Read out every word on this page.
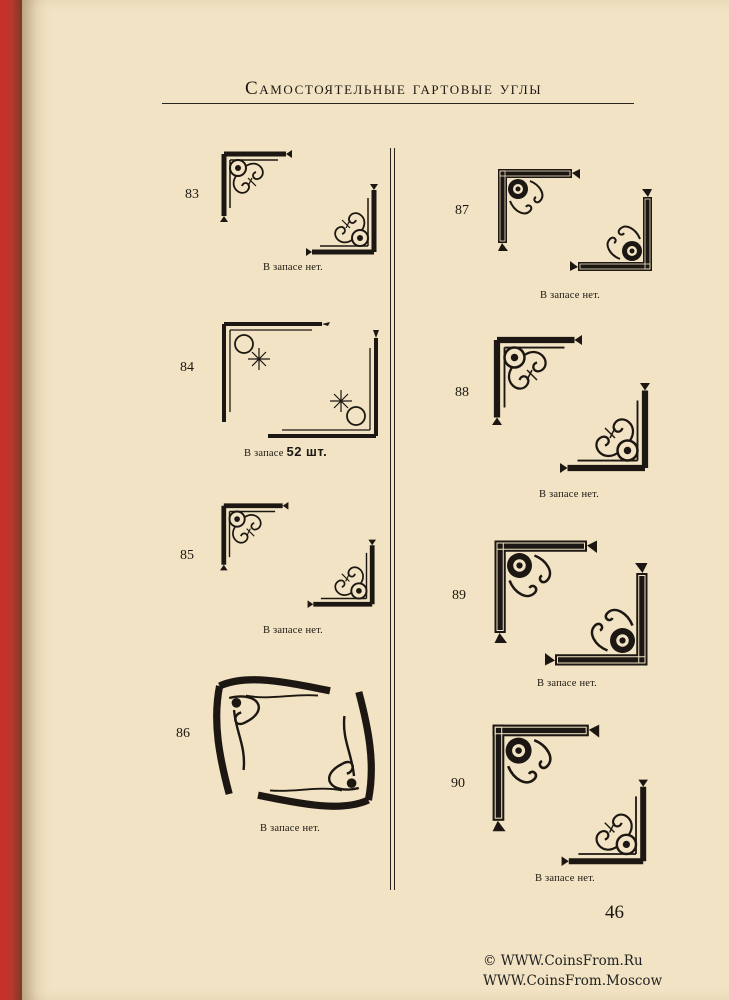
Самостоятельные гартовые углы
83
В запасе нет.
84
В запасе 52 шт.
85
В запасе нет.
86
В запасе нет.
87
В запасе нет.
88
В запасе нет.
89
В запасе нет.
90
В запасе нет.
46
© WWW.CoinsFrom.Ru
WWW.CoinsFrom.Moscow
